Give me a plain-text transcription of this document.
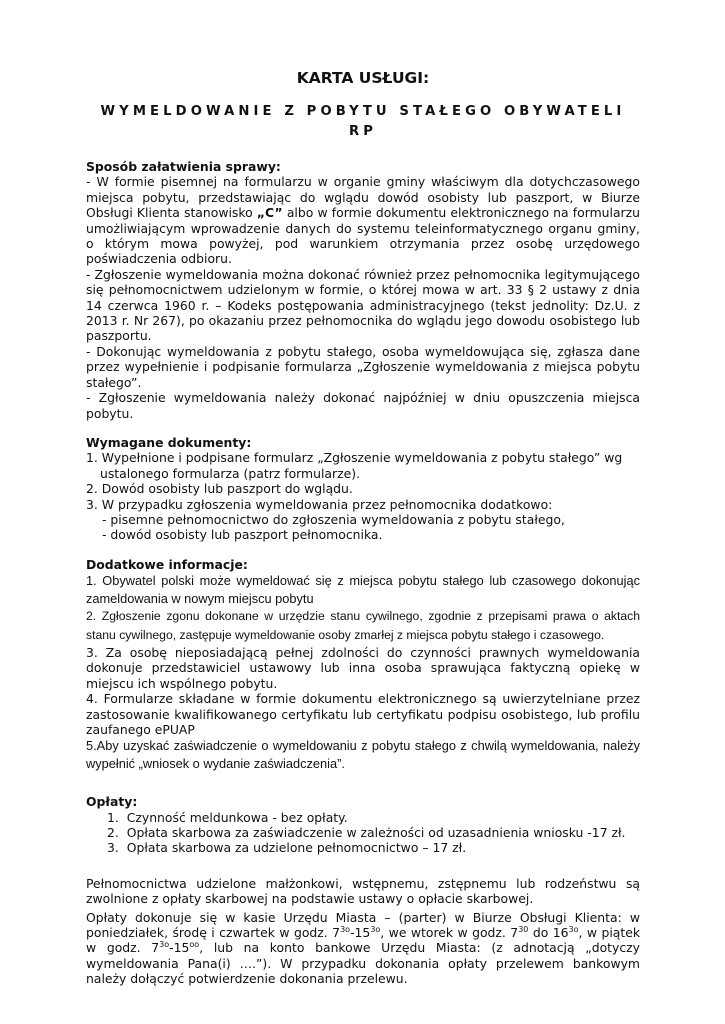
KARTA USŁUGI:
WYMELDOWANIE Z POBYTU STAŁEGO OBYWATELI RP

Sposób załatwienia sprawy:

- W formie pisemnej na formularzu w organie gminy właściwym dla dotychczasowego miejsca pobytu, przedstawiając do wglądu dowód osobisty lub paszport, w Biurze Obsługi Klienta stanowisko „C” albo w formie dokumentu elektronicznego na formularzu umożliwiającym wprowadzenie danych do systemu teleinformatycznego organu gminy, o którym mowa powyżej, pod warunkiem otrzymania przez osobę urzędowego poświadczenia odbioru.

- Zgłoszenie wymeldowania można dokonać również przez pełnomocnika legitymującego się pełnomocnictwem udzielonym w formie, o której mowa w art. 33 § 2 ustawy z dnia 14 czerwca 1960 r. – Kodeks postępowania administracyjnego (tekst jednolity: Dz.U. z 2013 r. Nr 267), po okazaniu przez pełnomocnika do wglądu jego dowodu osobistego lub paszportu.

- Dokonując wymeldowania z pobytu stałego, osoba wymeldowująca się, zgłasza dane przez wypełnienie i podpisanie formularza „Zgłoszenie wymeldowania z miejsca pobytu stałego”.

- Zgłoszenie wymeldowania należy dokonać najpóźniej w dniu opuszczenia miejsca pobytu.

Wymagane dokumenty:

1. Wypełnione i podpisane formularz „Zgłoszenie wymeldowania z pobytu stałego” wg ustalonego formularza (patrz formularze).
2. Dowód osobisty lub paszport do wglądu.
3. W przypadku zgłoszenia wymeldowania przez pełnomocnika dodatkowo:
- pisemne pełnomocnictwo do zgłoszenia wymeldowania z pobytu stałego,
- dowód osobisty lub paszport pełnomocnika.

Dodatkowe informacje:

1. Obywatel polski może wymeldować się z miejsca pobytu stałego lub czasowego dokonując zameldowania w nowym miejscu pobytu

2. Zgłoszenie zgonu dokonane w urzędzie stanu cywilnego, zgodnie z przepisami prawa o aktach stanu cywilnego, zastępuje wymeldowanie osoby zmarłej z miejsca pobytu stałego i czasowego.

3. Za osobę nieposiadającą pełnej zdolności do czynności prawnych wymeldowania dokonuje przedstawiciel ustawowy lub inna osoba sprawująca faktyczną opiekę w miejscu ich wspólnego pobytu.

4. Formularze składane w formie dokumentu elektronicznego są uwierzytelniane przez zastosowanie kwalifikowanego certyfikatu lub certyfikatu podpisu osobistego, lub profilu zaufanego ePUAP

5.Aby uzyskać zaświadczenie o wymeldowaniu z pobytu stałego z chwilą wymeldowania, należy wypełnić „wniosek o wydanie zaświadczenia”.

Opłaty:

1. Czynność meldunkowa - bez opłaty.
2. Opłata skarbowa za zaświadczenie w zależności od uzasadnienia wniosku -17 zł.
3. Opłata skarbowa za udzielone pełnomocnictwo – 17 zł.

Pełnomocnictwa udzielone małżonkowi, wstępnemu, zstępnemu lub rodzeństwu są zwolnione z opłaty skarbowej na podstawie ustawy o opłacie skarbowej.

Opłaty dokonuje się w kasie Urzędu Miasta – (parter) w Biurze Obsługi Klienta: w poniedziałek, środę i czwartek w godz. $7^{3o}-15^{3o}$, we wtorek w godz. $7^{30}$ do $16^{3o}$, w piątek w godz. $7^{3o}-15^{oo}$, lub na konto bankowe Urzędu Miasta: (z adnotacją „dotyczy wymeldowania Pana(i) ….”). W przypadku dokonania opłaty przelewem bankowym należy dołączyć potwierdzenie dokonania przelewu.
